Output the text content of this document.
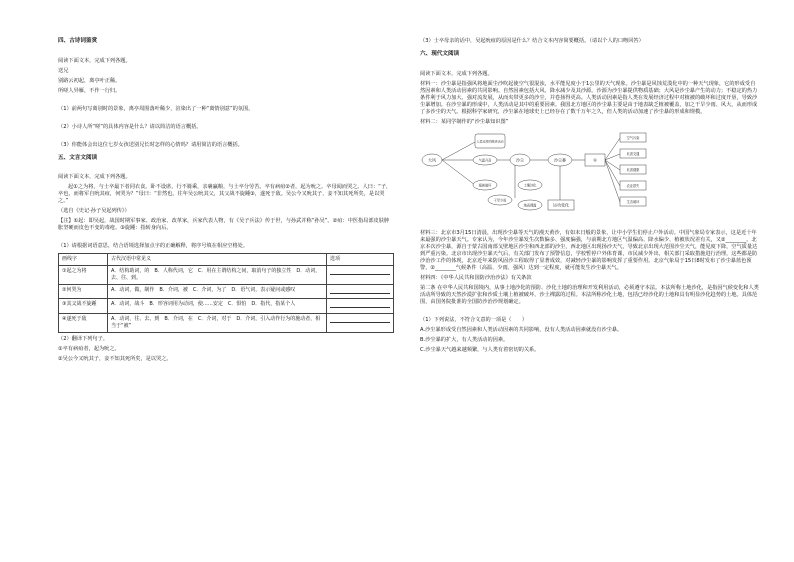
四、古诗词鉴赏

阅读下面文本，完成下列各题。

送兄

别路云初起，离亭叶正稀。

所嗟人异雁，不作一行归。

（1）前两句写离别时的景象，离亭周围落叶稀少，渲染出了一种“离情别意”的氛围。

（2）小诗人所“嗟”的具体内容是什么？请以简洁的语言概括。

（3）你能体会出这位七岁女孩送别兄长时怎样的心情吗？请用简洁的语言概括。

五、文言文阅读

阅读下面文本，完成下列各题。

起①之为将，与士卒最下者同衣食。卧不设席，行不骑乘，亲裹赢粮，与士卒分劳苦。卒有病疽②者，起为吮之。卒母闻而哭之。人曰：“子，卒也，而将军自吮其疽，何哭为？”母曰：“非然也。往年吴公吮其父，其父战不旋踵③，遂死于敌。吴公今又吮其子，妾不知其死所矣，是以哭之。”

（选自《史记·孙子吴起列传》）

【注】①起：即吴起，战国时期军事家、政治家、改革家，兵家代表人物，有《吴子兵法》传于世，与孙武并称“孙吴”。②疽：中医指局部皮肤肿胀坚硬而皮色不变的毒疮。③旋踵：指转身向后。

（1）请根据词语意思，结合语境选择加点字的正确解释，将序号填在相应空格处。

画线字	古代汉语中常见义	选项
①起之为将	A．结构助词，的　B．人称代词，它　C．用在主谓结构之间，取消句子的独立性　D．动词，去、往、到。	
②何哭为	A．动词，做，制作　B．介词，被　C．介词，为了　D．语气词，表示疑问或感叹	
③其父战不旋踵	A．动词，战斗　B．形容词用为动词，使……安定　C．惧怕　D．指代，指某个人	
④遂死于敌	A．动词，往、去、到　B．介词，在　C．介词，对于　D．介词，引入动作行为的施动者，相当于“被”	

（2）翻译下列句子。

①卒有病疽者，起为吮之。

②吴公今又吮其子，妾不知其死所矣，是以哭之。

（3）士卒母亲的话中，吴起吮疽的原因是什么？结合文本内容简要概括。（请以个人的口吻回答）

六、现代文阅读

阅读下面文本，完成下列各题。

材料一：沙尘暴是指强风将地面尘沙吹起使空气很混浊，水平能见度小于1公里的天气现象。沙尘暴是风蚀荒漠化中的一种天气现象，它的形成受自然因素和人类活动因素的共同影响。自然因素包括大风、降水减少及其沙源。沙源为沙尘暴提供物质基础；大风是沙尘暴产生的动力；不稳定的热力条件利于风力加大、强对流发展，从而夹带更多的沙尘，并卷扬得更高。人类活动因素是指人类在发展经济过程中对植被的破坏和过度开垦，导致沙尘暴增加。在沙尘暴的形成中，人类活动是其中的重要因素。我国北方地区的沙尘暴主要是由于地表缺乏植被覆盖，加之干旱少雨、风大，从而形成了多沙尘的天气。根据科学家研究，沙尘暴在地球史上已经存在了数千万年之久，但人类的活动加速了沙尘暴的形成和规模。

材料二：某同学制作的“沙尘暴知识图”

大风	沙尘	沙尘暴	①
运动变化
人类过度的经济活动
气温升高
植被破坏
干旱少雨
土壤沙化
地表裸露
空气污染
危害交通
危害健康
农业损失
生态破坏

材料三：北京市3月15日清晨，出现沙尘暴等天气的漫天黄沙，有如末日般的景象，让中小学生们停止户外活动。中国气象局专家表示，这是近十年来最强的沙尘暴天气。专家认为，今年沙尘暴发生次数偏多、强度偏强，与前期北方地区气温偏高、降水偏少、植被状况差有关，又②________。北京本次沙尘暴，源自于蒙古国南部戈壁地区沙尘和西北部的沙尘，西北地区出现扬沙天气，导致北京出现大范围沙尘天气，能见度下降，空气质量达到严重污染。北京市出现沙尘暴天气后，有关部门发布了预警信息，学校暂停户外体育课，市民减少外出，相关部门采取措施进行治理，这些都是防沙治沙工作的体现，北京近年来防风固沙工程取得了显著成效，对减轻沙尘暴的影响发挥了重要作用。北京气象局于15日8时发布了沙尘暴蓝色预警，②________气候条件（高温、少雨、强风）达到一定程度，就可能发生沙尘暴天气。

材料四：《中华人民共和国防沙治沙法》有关条款

第二条 在中华人民共和国境内，从事土地沙化的预防、沙化土地的治理和开发利用活动，必须遵守本法。本法所称土地沙化，是指因气候变化和人类活动所导致的天然沙漠扩张和沙质土壤上植被破坏、沙土裸露的过程。本法所称沙化土地，包括已经沙化的土地和具有明显沙化趋势的土地。具体范围，由国务院批准的全国防沙治沙规划确定。

（1）下列说法，不符合文意的一项是（　　）

A.沙尘暴形成受自然因素和人类活动因素的共同影响，没有人类活动因素就没有沙尘暴。

B.沙尘暴的扩大，有人类活动的因素。

C.沙尘暴天气越来越频繁，与人类有着密切的关系。
